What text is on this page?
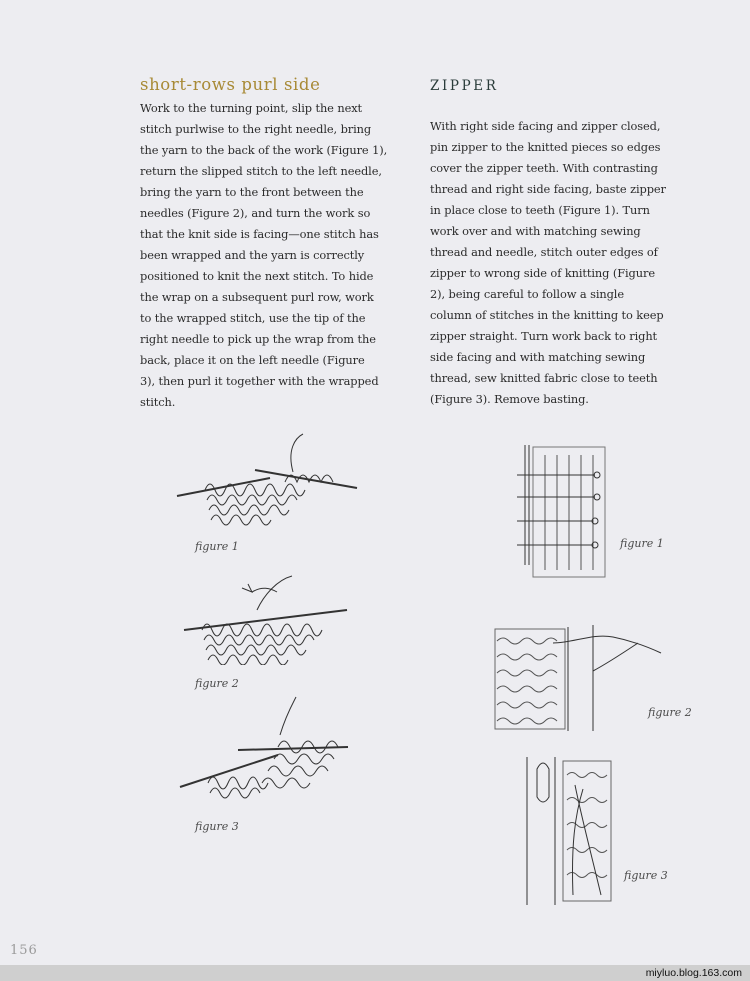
short-rows purl side

Work to the turning point, slip the next
stitch purlwise to the right needle, bring
the yarn to the back of the work (Figure 1),
return the slipped stitch to the left needle,
bring the yarn to the front between the
needles (Figure 2), and turn the work so
that the knit side is facing—one stitch has
been wrapped and the yarn is correctly
positioned to knit the next stitch. To hide
the wrap on a subsequent purl row, work
to the wrapped stitch, use the tip of the
right needle to pick up the wrap from the
back, place it on the left needle (Figure
3), then purl it together with the wrapped
stitch.

ZIPPER

With right side facing and zipper closed,
pin zipper to the knitted pieces so edges
cover the zipper teeth. With contrasting
thread and right side facing, baste zipper
in place close to teeth (Figure 1). Turn
work over and with matching sewing
thread and needle, stitch outer edges of
zipper to wrong side of knitting (Figure
2), being careful to follow a single
column of stitches in the knitting to keep
zipper straight. Turn work back to right
side facing and with matching sewing
thread, sew knitted fabric close to teeth
(Figure 3). Remove basting.

figure 1
figure 2
figure 3
figure 1
figure 2
figure 3
156
miyluo.blog.163.com
